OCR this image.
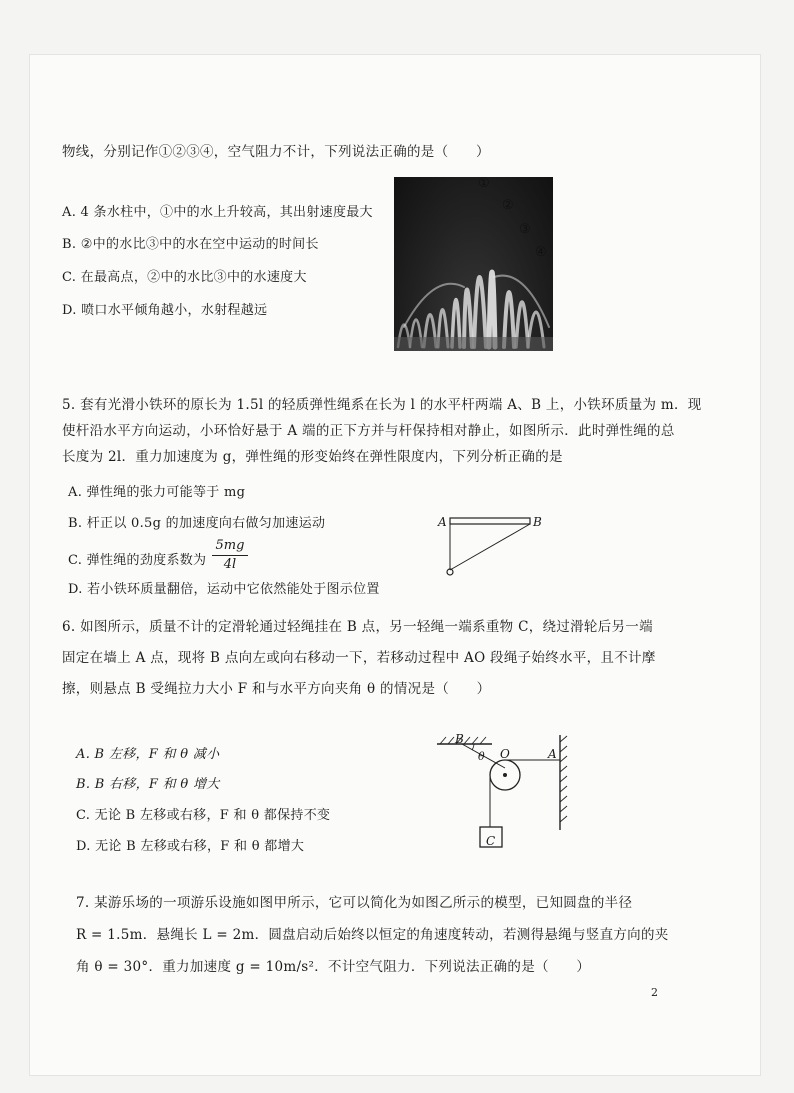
物线，分别记作①②③④，空气阻力不计，下列说法正确的是（　　）
A. 4 条水柱中，①中的水上升较高，其出射速度最大
B. ②中的水比③中的水在空中运动的时间长
C. 在最高点，②中的水比③中的水速度大
D. 喷口水平倾角越小，水射程越远
①
②
③
④
5. 套有光滑小铁环的原长为 1.5l 的轻质弹性绳系在长为 l 的水平杆两端 A、B 上，小铁环质量为 m．现
使杆沿水平方向运动，小环恰好悬于 A 端的正下方并与杆保持相对静止，如图所示．此时弹性绳的总
长度为 2l．重力加速度为 g，弹性绳的形变始终在弹性限度内，下列分析正确的是
A. 弹性绳的张力可能等于 mg
B. 杆正以 0.5g 的加速度向右做匀加速运动
C. 弹性绳的劲度系数为 $\frac{5mg}{4l}$
D. 若小铁环质量翻倍，运动中它依然能处于图示位置
A	B
6. 如图所示，质量不计的定滑轮通过轻绳挂在 B 点，另一轻绳一端系重物 C，绕过滑轮后另一端
固定在墙上 A 点，现将 B 点向左或向右移动一下，若移动过程中 AO 段绳子始终水平，且不计摩
擦，则悬点 B 受绳拉力大小 F 和与水平方向夹角 θ 的情况是（　　）
A. B 左移，F 和 θ 减小
B. B 右移，F 和 θ 增大
C. 无论 B 左移或右移，F 和 θ 都保持不变
D. 无论 B 左移或右移，F 和 θ 都增大
B
θ O	A
C
7. 某游乐场的一项游乐设施如图甲所示，它可以简化为如图乙所示的模型，已知圆盘的半径
R = 1.5m．悬绳长 L = 2m．圆盘启动后始终以恒定的角速度转动，若测得悬绳与竖直方向的夹
角 θ = 30°．重力加速度 g = 10m/s²．不计空气阻力．下列说法正确的是（　　）
2
